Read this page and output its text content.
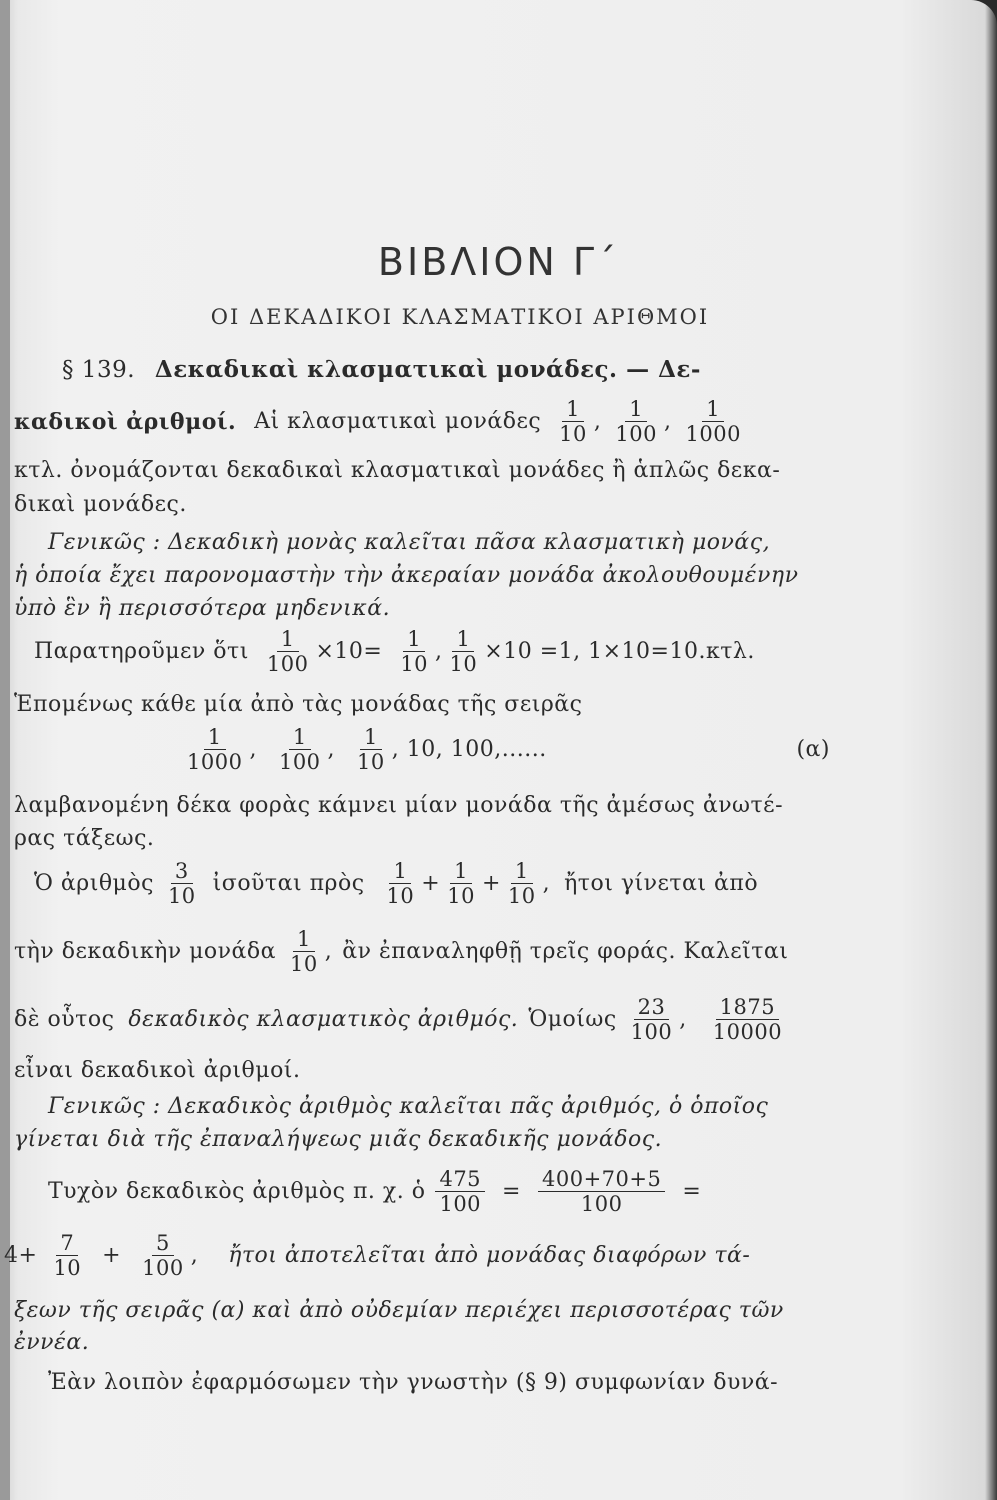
ΒΙΒΛΙΟΝ Γ΄
ΟΙ ΔΕΚΑΔΙΚΟΙ ΚΛΑΣΜΑΤΙΚΟΙ ΑΡΙΘΜΟΙ
§ 139. Δεκαδικαὶ κλασματικαὶ μονάδες. — Δε-
καδικοὶ ἀριθμοί. Αἱ κλασματικαὶ μονάδες $\frac{1}{10}$ , $\frac{1}{100}$ , $\frac{1}{1000}$
κτλ. ὀνομάζονται δεκαδικαὶ κλασματικαὶ μονάδες ἢ ἁπλῶς δεκα-
δικαὶ μονάδες.
Γενικῶς : Δεκαδικὴ μονὰς καλεῖται πᾶσα κλασματικὴ μονάς,
ἡ ὁποία ἔχει παρονομαστὴν τὴν ἀκεραίαν μονάδα ἀκολουθουμένην
ὑπὸ ἓν ἢ περισσότερα μηδενικά.
Παρατηροῦμεν ὅτι $\frac{1}{100} \times 10= \frac{1}{10}$ , $\frac{1}{10} \times 10 =1$, 1×10=10.κτλ.
Ἑπομένως κάθε μία ἀπὸ τὰς μονάδας τῆς σειρᾶς
$\frac{1}{1000}$ , $\frac{1}{100}$ , $\frac{1}{10}$ , 10, 100,......	(α)
λαμβανομένη δέκα φορὰς κάμνει μίαν μονάδα τῆς ἀμέσως ἀνωτέ-
ρας τάξεως.
Ὁ ἀριθμὸς $\frac{3}{10}$ ἰσοῦται πρὸς $\frac{1}{10} + \frac{1}{10} + \frac{1}{10}$ , ἤτοι γίνεται ἀπὸ
τὴν δεκαδικὴν μονάδα $\frac{1}{10}$ , ἂν ἐπαναληφθῇ τρεῖς φοράς. Καλεῖται
δὲ οὗτος δεκαδικὸς κλασματικὸς ἀριθμός. Ὁμοίως $\frac{23}{100}$ , $\frac{1875}{10000}$
εἶναι δεκαδικοὶ ἀριθμοί.
Γενικῶς : Δεκαδικὸς ἀριθμὸς καλεῖται πᾶς ἀριθμός, ὁ ὁποῖος
γίνεται διὰ τῆς ἐπαναλήψεως μιᾶς δεκαδικῆς μονάδος.
Τυχὸν δεκαδικὸς ἀριθμὸς π. χ. ὁ $\frac{475}{100} = \frac{400+70+5}{100}$ =
$4+ \frac{7}{10} + \frac{5}{100}$ , ἤτοι ἀποτελεῖται ἀπὸ μονάδας διαφόρων τά-
ξεων τῆς σειρᾶς (α) καὶ ἀπὸ οὐδεμίαν περιέχει περισσοτέρας τῶν
ἐννέα.
Ἐὰν λοιπὸν ἐφαρμόσωμεν τὴν γνωστὴν (§ 9) συμφωνίαν δυνά-
